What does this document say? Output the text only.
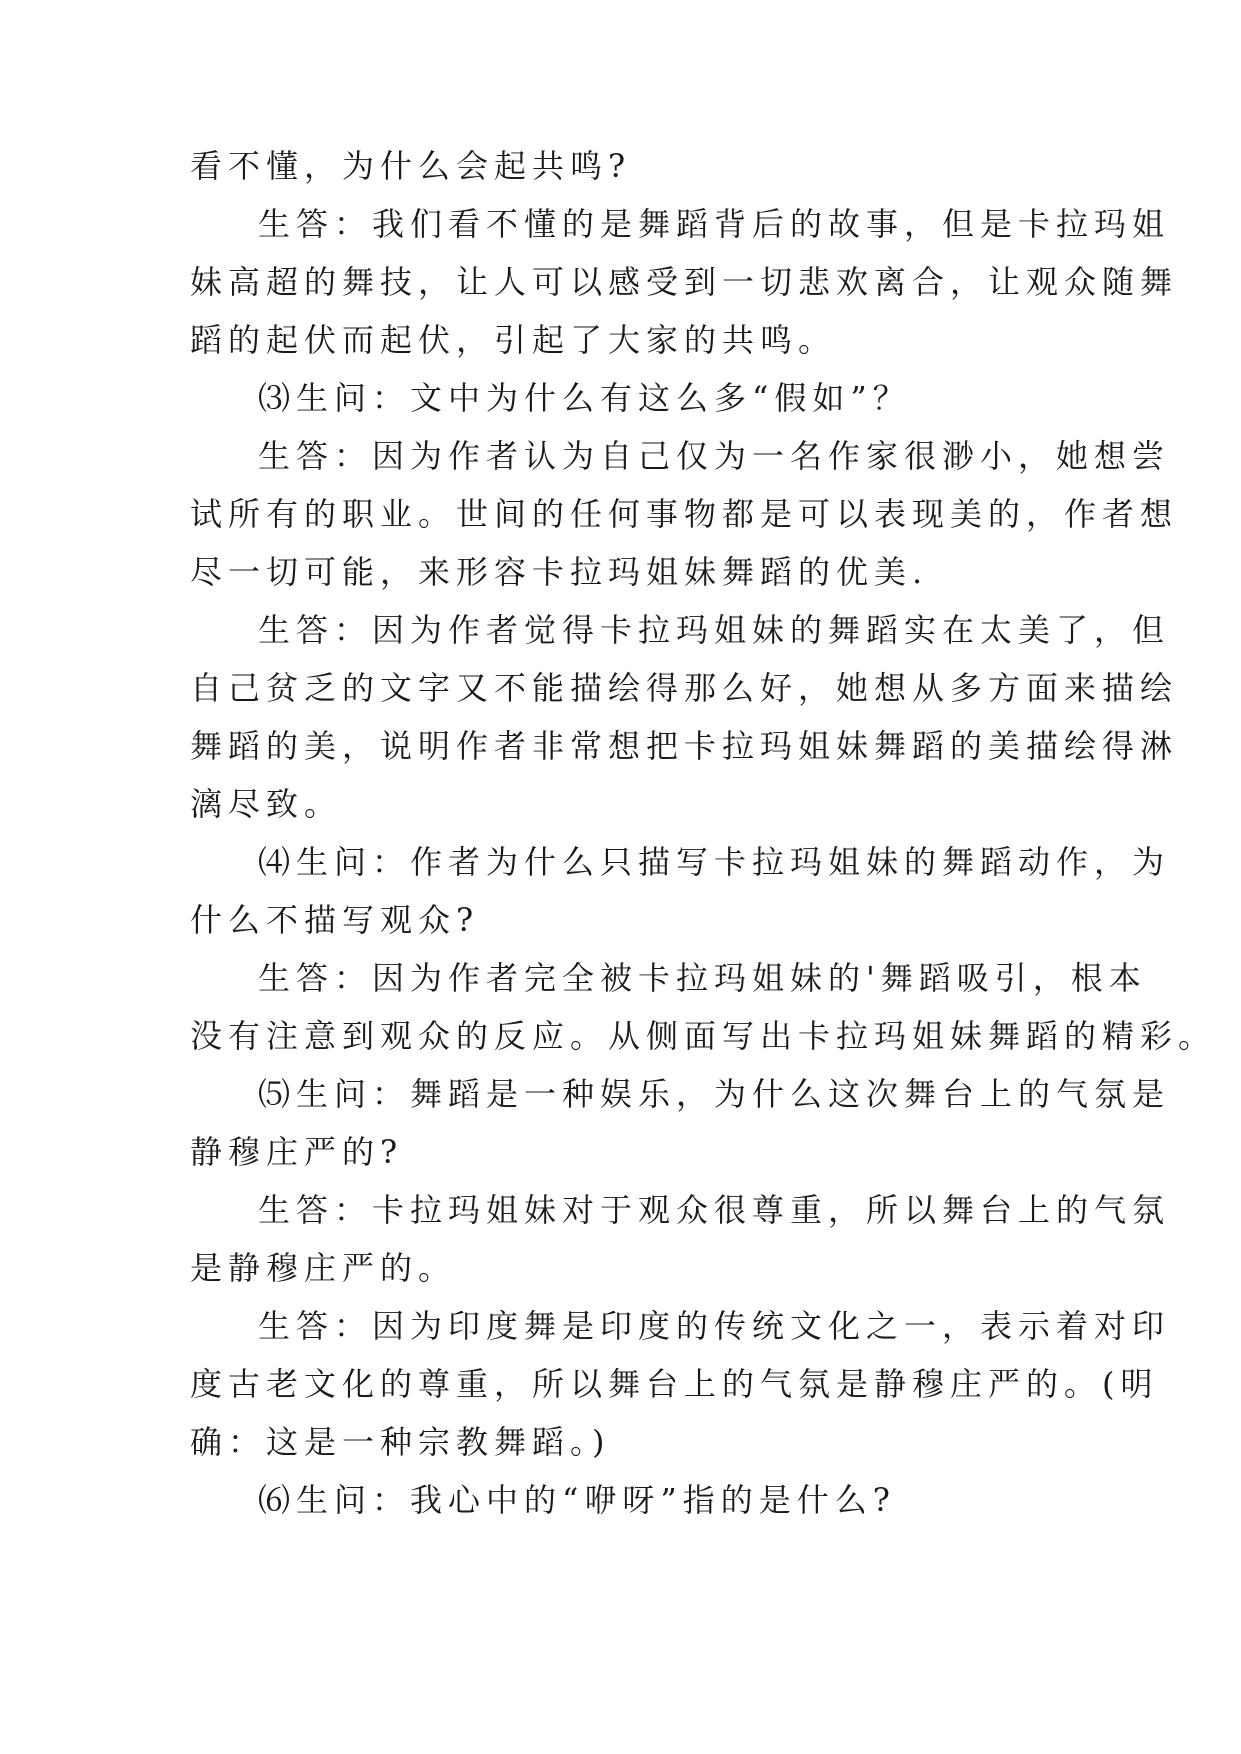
看不懂，为什么会起共鸣?
生答：我们看不懂的是舞蹈背后的故事，但是卡拉玛姐
妹高超的舞技，让人可以感受到一切悲欢离合，让观众随舞
蹈的起伏而起伏，引起了大家的共鸣。
⑶生问：文中为什么有这么多“假如”？
生答：因为作者认为自己仅为一名作家很渺小，她想尝
试所有的职业。世间的任何事物都是可以表现美的，作者想
尽一切可能，来形容卡拉玛姐妹舞蹈的优美.
生答：因为作者觉得卡拉玛姐妹的舞蹈实在太美了，但
自己贫乏的文字又不能描绘得那么好，她想从多方面来描绘
舞蹈的美，说明作者非常想把卡拉玛姐妹舞蹈的美描绘得淋
漓尽致。
⑷生问：作者为什么只描写卡拉玛姐妹的舞蹈动作，为
什么不描写观众?
生答：因为作者完全被卡拉玛姐妹的'舞蹈吸引，根本
没有注意到观众的反应。从侧面写出卡拉玛姐妹舞蹈的精彩。
⑸生问：舞蹈是一种娱乐，为什么这次舞台上的气氛是
静穆庄严的?
生答：卡拉玛姐妹对于观众很尊重，所以舞台上的气氛
是静穆庄严的。
生答：因为印度舞是印度的传统文化之一，表示着对印
度古老文化的尊重，所以舞台上的气氛是静穆庄严的。(明
确：这是一种宗教舞蹈。)
⑹生问：我心中的“咿呀”指的是什么?
